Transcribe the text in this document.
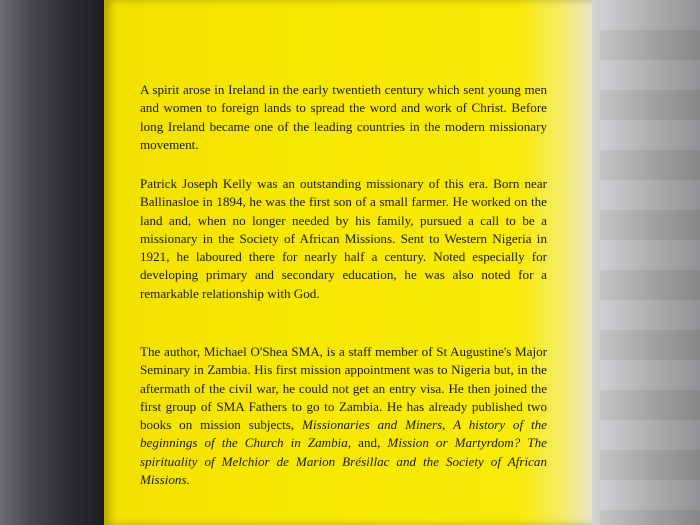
A spirit arose in Ireland in the early twentieth century which sent young men and women to foreign lands to spread the word and work of Christ. Before long Ireland became one of the leading countries in the modern missionary movement.

Patrick Joseph Kelly was an outstanding missionary of this era. Born near Ballinasloe in 1894, he was the first son of a small farmer. He worked on the land and, when no longer needed by his family, pursued a call to be a missionary in the Society of African Missions. Sent to Western Nigeria in 1921, he laboured there for nearly half a century. Noted especially for developing primary and secondary education, he was also noted for a remarkable relationship with God.

The author, Michael O'Shea SMA, is a staff member of St Augustine's Major Seminary in Zambia. His first mission appointment was to Nigeria but, in the aftermath of the civil war, he could not get an entry visa. He then joined the first group of SMA Fathers to go to Zambia. He has already published two books on mission subjects, Missionaries and Miners, A history of the beginnings of the Church in Zambia, and, Mission or Martyrdom? The spirituality of Melchior de Marion Brésillac and the Society of African Missions.
